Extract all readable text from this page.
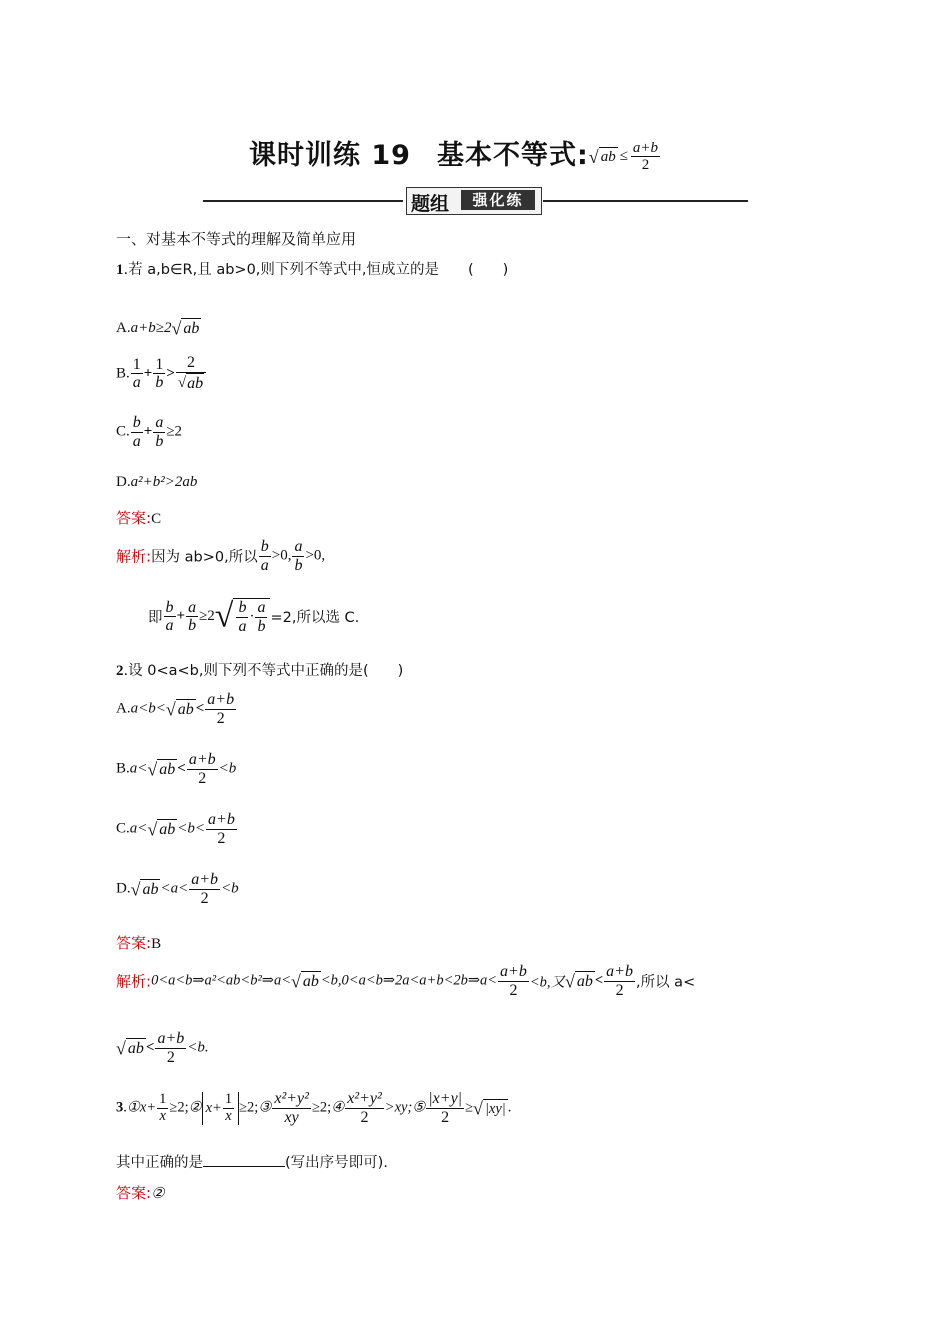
课时训练 19 基本不等式:√ ab ≤ $\frac{a+b}{2}$
题组	强化练
一、对基本不等式的理解及简单应用
1.若 a,b∈R,且 ab>0,则下列不等式中,恒成立的是　　(　　)
A.a+b≥2√ ab
B. $\frac{1}{a} + \frac{1}{b} > \frac{2}{√ab}$
C. $\frac{b}{a} + \frac{a}{b} \ge 2$
D.a²+b²>2ab
答案:C
解析:因为 ab>0,所以 $\frac{b}{a} >0$, $\frac{a}{b} >0$,
即 $\frac{b}{a} + \frac{a}{b} \ge 2√ \frac{b}{a} \cdot \frac{a}{b} =2$,所以选 C.
2.设 0<a<b,则下列不等式中正确的是(　　)
A.a<b<√ ab < $\frac{a+b}{2}$
B.a<√ ab < $\frac{a+b}{2} <b$
C.a<√ ab $<b< \frac{a+b}{2}$
D.√ ab $<a< \frac{a+b}{2} <b$
答案:B
解析:0<a<b⇒a²<ab<b²⇒a<√ ab <b,0<a<b⇒2a<a+b<2b⇒a< $\frac{a+b}{2} <b$,又√ ab < $\frac{a+b}{2}$ ,所以 a<
√ ab < $\frac{a+b}{2} <b$.
3.①x+ $\frac{1}{x}$ ≥2;② $x+ \frac{1}{x}$ ≥2;③ $\frac{\text{x²+y²}}{xy}$ ≥2;④ $\frac{\text{x²+y²}}{2}$ >xy;⑤ $\frac{|x+y|}{2}$ ≥√ |xy| .
其中正确的是	(写出序号即可).
答案:②
